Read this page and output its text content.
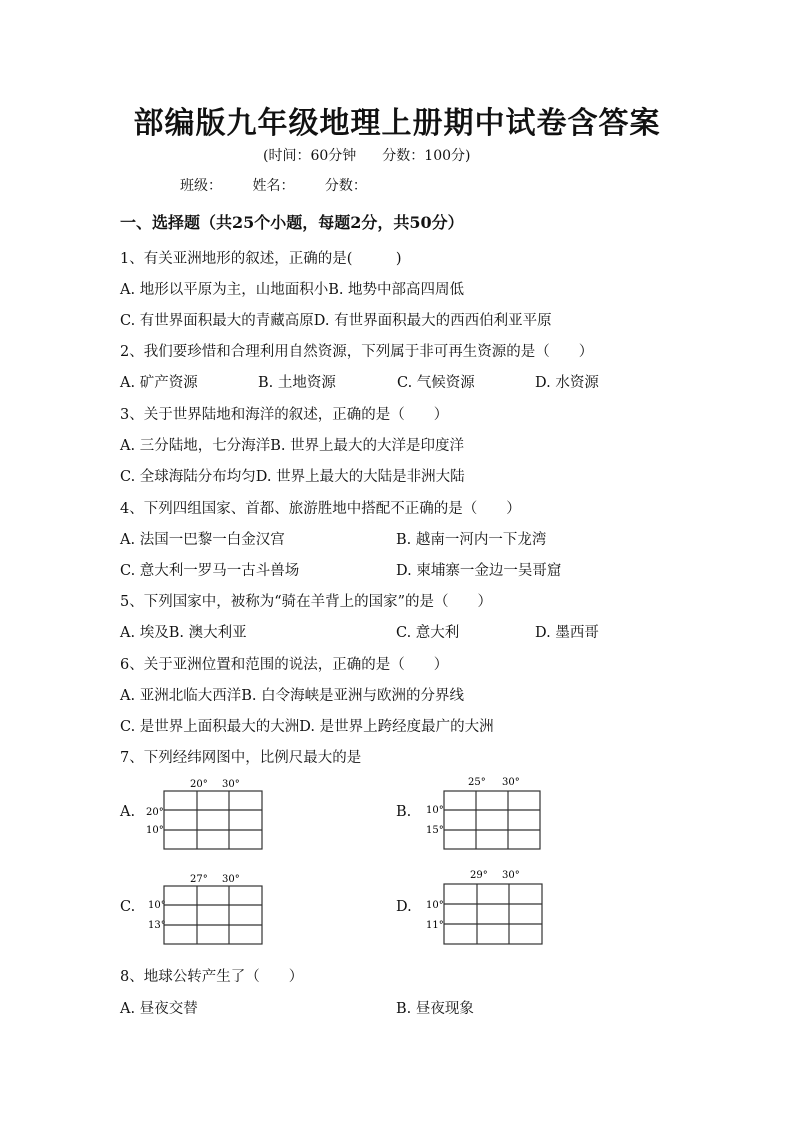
部编版九年级地理上册期中试卷含答案
(时间：60分钟 分数：100分)
班级： 姓名： 分数：
一、选择题（共25个小题，每题2分，共50分）
1、有关亚洲地形的叙述，正确的是(　　　)
A. 地形以平原为主，山地面积小B. 地势中部高四周低
C. 有世界面积最大的青藏高原D. 有世界面积最大的西西伯利亚平原
2、我们要珍惜和合理利用自然资源，下列属于非可再生资源的是（　　）
A. 矿产资源	B. 土地资源	C. 气候资源	D. 水资源
3、关于世界陆地和海洋的叙述，正确的是（　　）
A. 三分陆地，七分海洋B. 世界上最大的大洋是印度洋
C. 全球海陆分布均匀D. 世界上最大的大陆是非洲大陆
4、下列四组国家、首都、旅游胜地中搭配不正确的是（　　）
A. 法国一巴黎一白金汉宫	B. 越南一河内一下龙湾
C. 意大利一罗马一古斗兽场	D. 柬埔寨一金边一吴哥窟
5、下列国家中，被称为“骑在羊背上的国家”的是（　　）
A. 埃及B. 澳大利亚	C. 意大利	D. 墨西哥
6、关于亚洲位置和范围的说法，正确的是（　　）
A. 亚洲北临大西洋B. 白令海峡是亚洲与欧洲的分界线
C. 是世界上面积最大的大洲D. 是世界上跨经度最广的大洲
7、下列经纬网图中，比例尺最大的是
A.
20° 30°
20°
10°
B.
25° 30°
10°
15°
C.
27° 30°
10°
13°
D.
29° 30°
10°
11°
8、地球公转产生了（　　）
A. 昼夜交替	B. 昼夜现象
